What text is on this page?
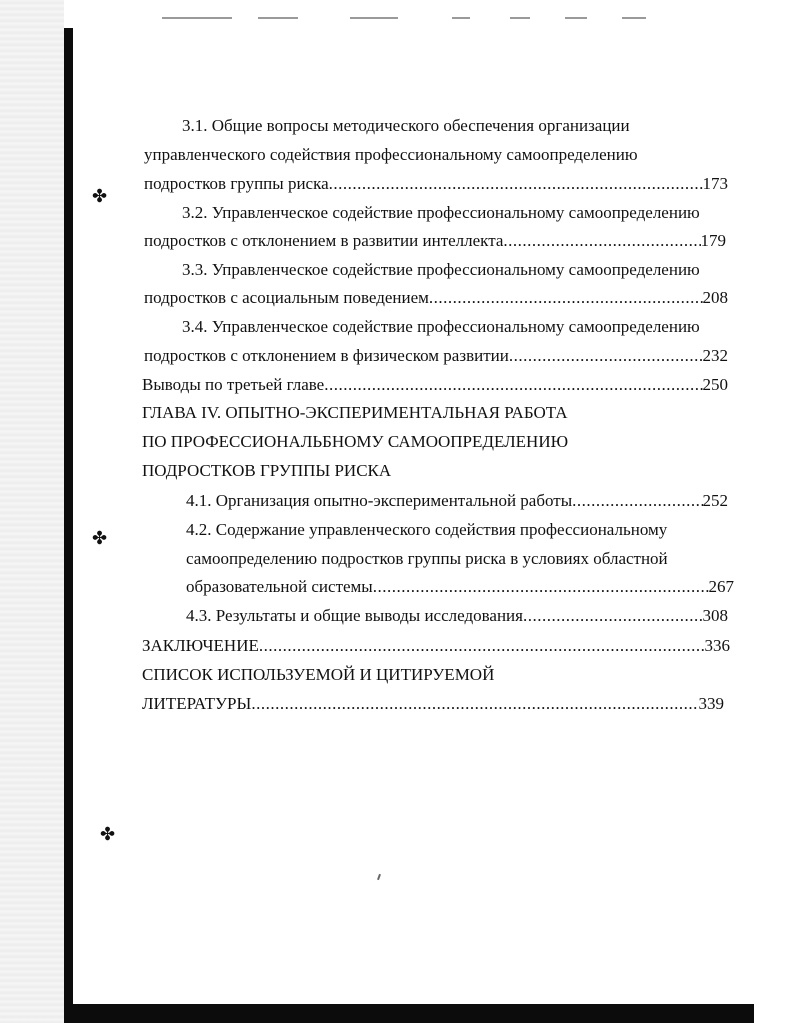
✤
✤
✤
3.1. Общие вопросы методического обеспечения организации
управленческого содействия профессиональному самоопределению
подростков группы риска .....	173
3.2. Управленческое содействие профессиональному самоопределению
подростков с отклонением в развитии интеллекта .....	179
3.3. Управленческое содействие профессиональному самоопределению
подростков с асоциальным поведением .....	208
3.4. Управленческое содействие профессиональному самоопределению
подростков с отклонением в физическом развитии .....	232
Выводы по третьей главе .....	250
ГЛАВА IV. ОПЫТНО-ЭКСПЕРИМЕНТАЛЬНАЯ РАБОТА
ПО ПРОФЕССИОНАЛЬБНОМУ САМООПРЕДЕЛЕНИЮ
ПОДРОСТКОВ ГРУППЫ РИСКА
4.1. Организация опытно-экспериментальной работы .....	252
4.2. Содержание управленческого содействия профессиональному
самоопределению подростков группы риска в условиях областной
образовательной системы .....	267
4.3. Результаты и общие выводы исследования .....	308
ЗАКЛЮЧЕНИЕ .....	336
СПИСОК ИСПОЛЬЗУЕМОЙ И ЦИТИРУЕМОЙ
ЛИТЕРАТУРЫ .....	339
